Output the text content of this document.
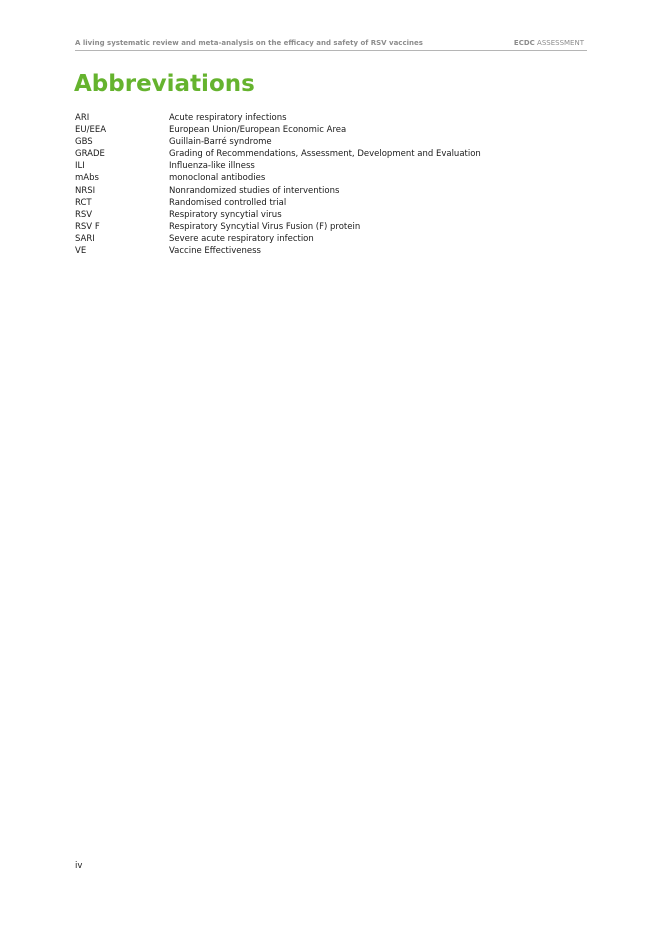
A living systematic review and meta-analysis on the efficacy and safety of RSV vaccines	ECDC ASSESSMENT
Abbreviations
ARI	Acute respiratory infections
EU/EEA	European Union/European Economic Area
GBS	Guillain-Barré syndrome
GRADE	Grading of Recommendations, Assessment, Development and Evaluation
ILI	Influenza-like illness
mAbs	monoclonal antibodies
NRSI	Nonrandomized studies of interventions
RCT	Randomised controlled trial
RSV	Respiratory syncytial virus
RSV F	Respiratory Syncytial Virus Fusion (F) protein
SARI	Severe acute respiratory infection
VE	Vaccine Effectiveness
iv
